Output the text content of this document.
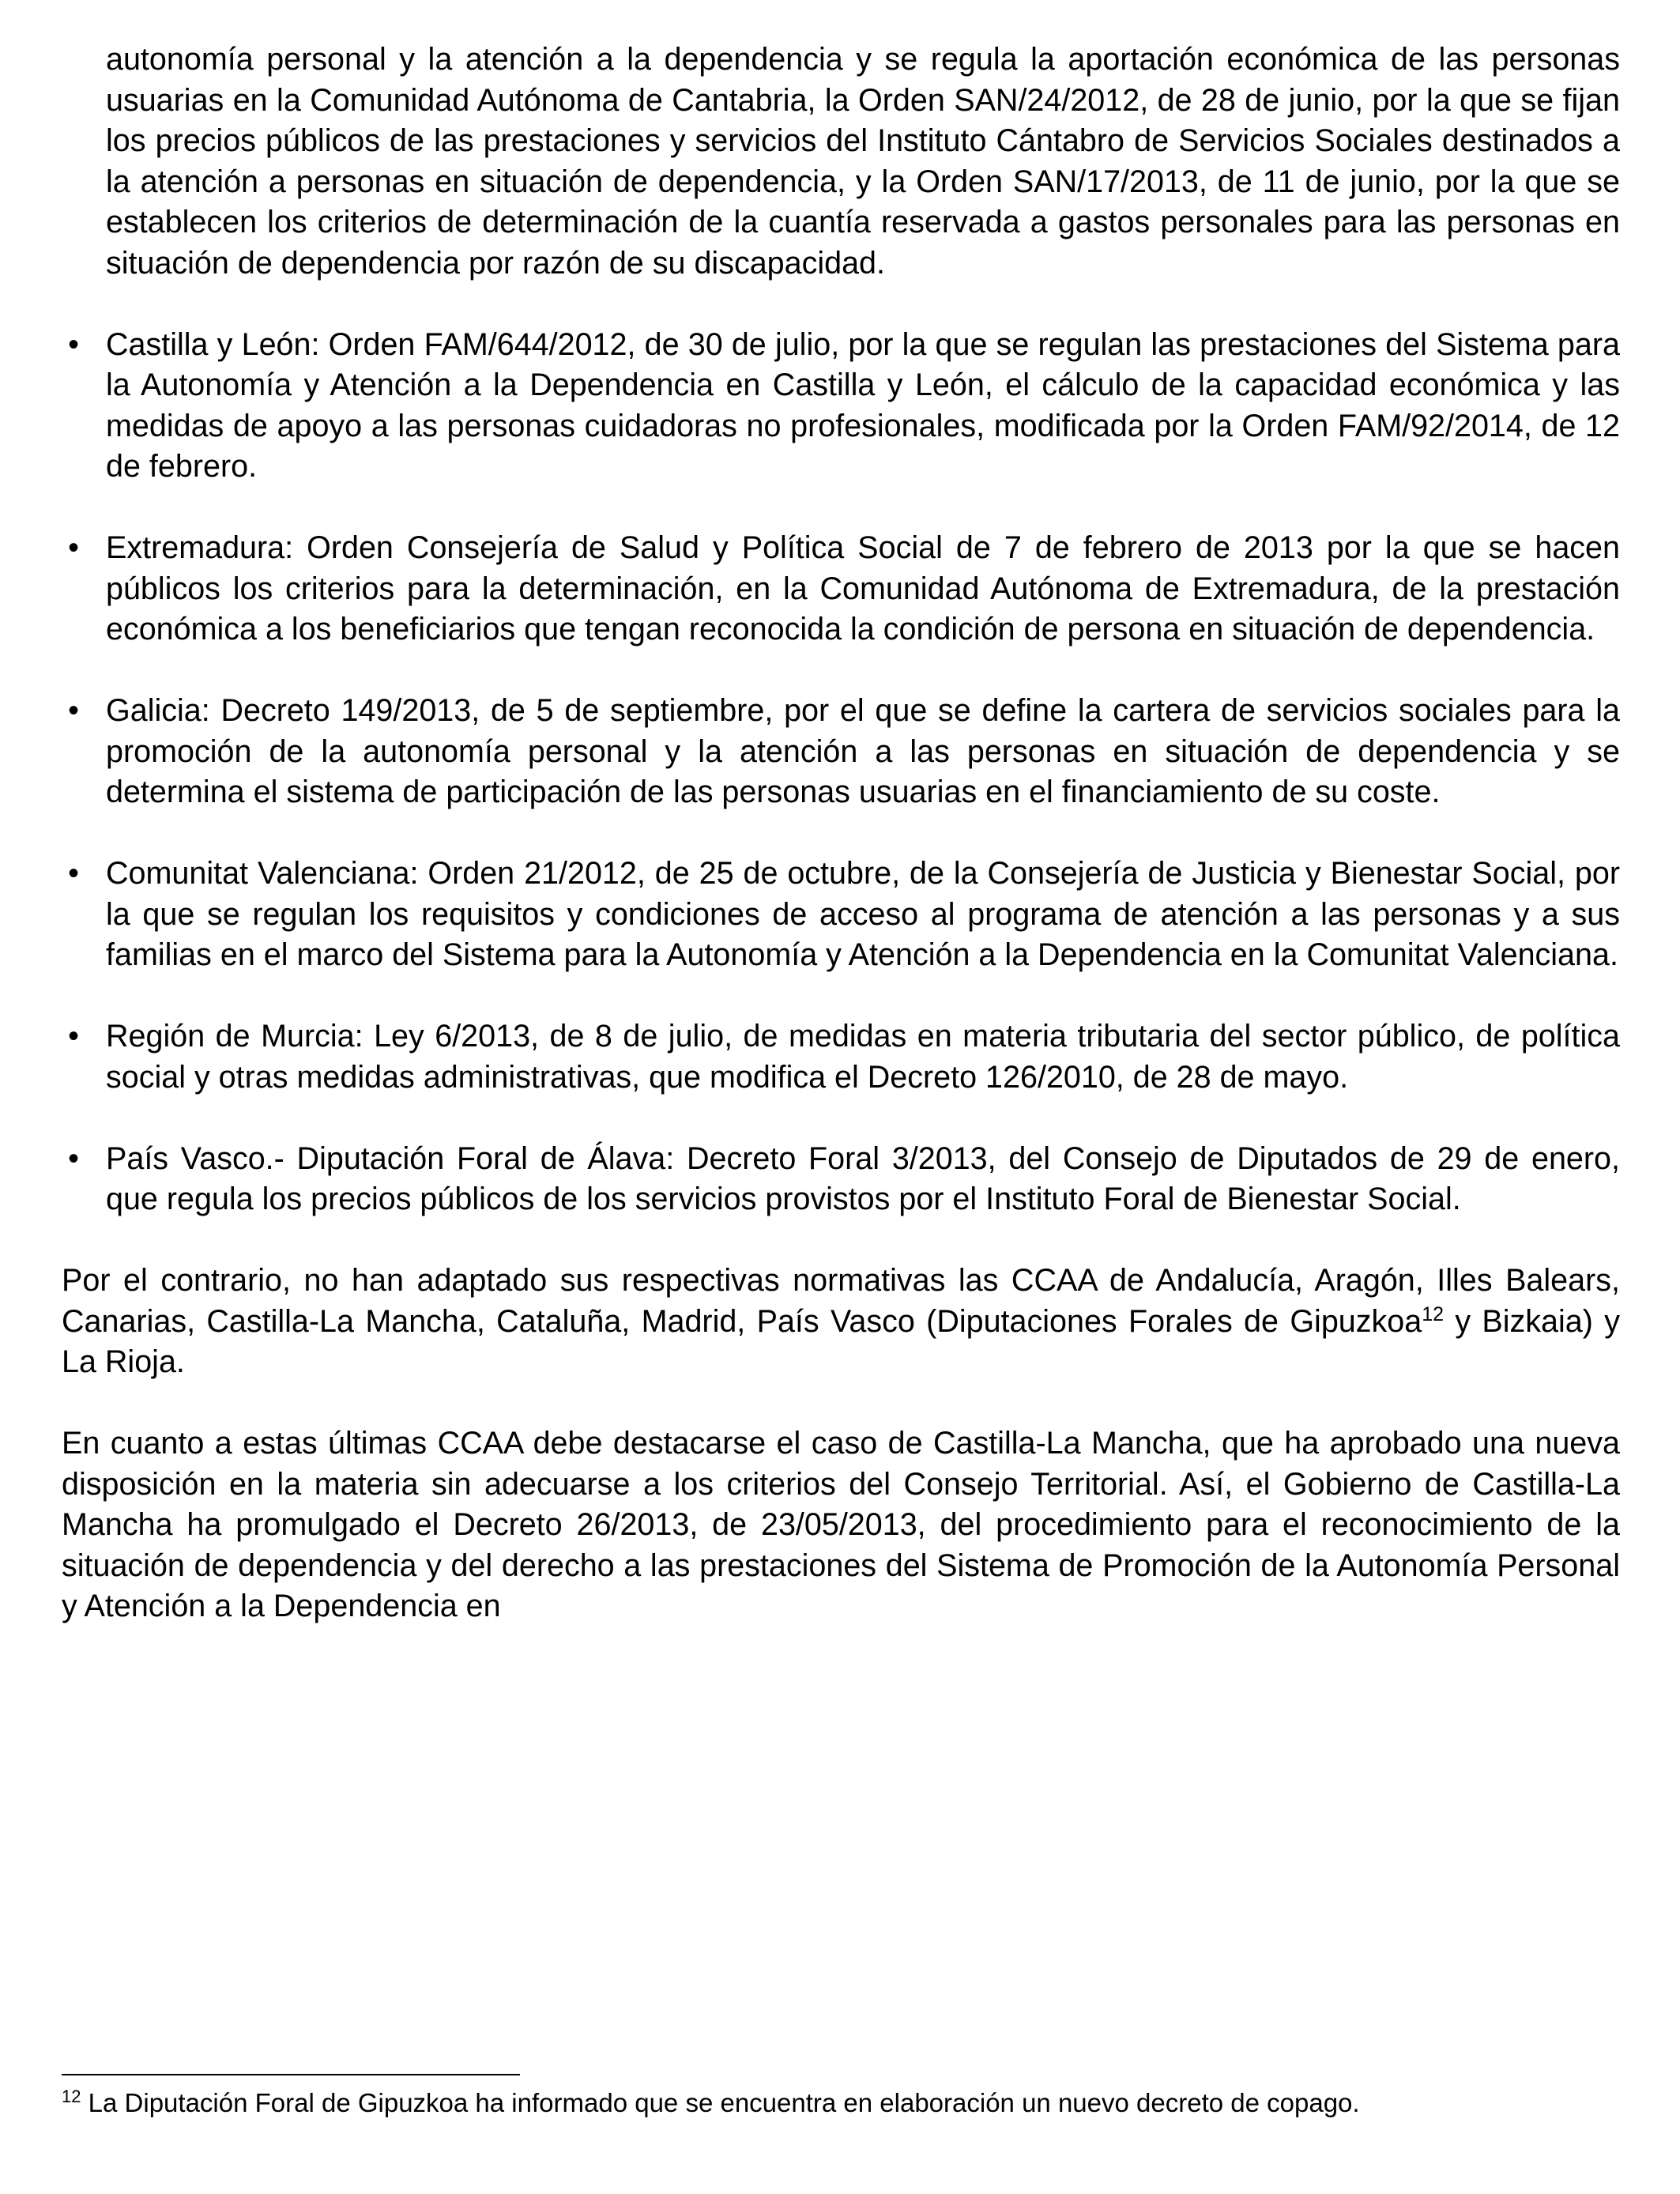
autonomía personal y la atención a la dependencia y se regula la aportación económica de las personas usuarias en la Comunidad Autónoma de Cantabria, la Orden SAN/24/2012, de 28 de junio, por la que se fijan los precios públicos de las prestaciones y servicios del Instituto Cántabro de Servicios Sociales destinados a la atención a personas en situación de dependencia, y la Orden SAN/17/2013, de 11 de junio, por la que se establecen los criterios de determinación de la cuantía reservada a gastos personales para las personas en situación de dependencia por razón de su discapacidad.

• Castilla y León: Orden FAM/644/2012, de 30 de julio, por la que se regulan las prestaciones del Sistema para la Autonomía y Atención a la Dependencia en Castilla y León, el cálculo de la capacidad económica y las medidas de apoyo a las personas cuidadoras no profesionales, modificada por la Orden FAM/92/2014, de 12 de febrero.

• Extremadura: Orden Consejería de Salud y Política Social de 7 de febrero de 2013 por la que se hacen públicos los criterios para la determinación, en la Comunidad Autónoma de Extremadura, de la prestación económica a los beneficiarios que tengan reconocida la condición de persona en situación de dependencia.

• Galicia: Decreto 149/2013, de 5 de septiembre, por el que se define la cartera de servicios sociales para la promoción de la autonomía personal y la atención a las personas en situación de dependencia y se determina el sistema de participación de las personas usuarias en el financiamiento de su coste.

• Comunitat Valenciana: Orden 21/2012, de 25 de octubre, de la Consejería de Justicia y Bienestar Social, por la que se regulan los requisitos y condiciones de acceso al programa de atención a las personas y a sus familias en el marco del Sistema para la Autonomía y Atención a la Dependencia en la Comunitat Valenciana.

• Región de Murcia: Ley 6/2013, de 8 de julio, de medidas en materia tributaria del sector público, de política social y otras medidas administrativas, que modifica el Decreto 126/2010, de 28 de mayo.

• País Vasco.- Diputación Foral de Álava: Decreto Foral 3/2013, del Consejo de Diputados de 29 de enero, que regula los precios públicos de los servicios provistos por el Instituto Foral de Bienestar Social.

Por el contrario, no han adaptado sus respectivas normativas las CCAA de Andalucía, Aragón, Illes Balears, Canarias, Castilla-La Mancha, Cataluña, Madrid, País Vasco (Diputaciones Forales de Gipuzkoa$^{12}$ y Bizkaia) y La Rioja.

En cuanto a estas últimas CCAA debe destacarse el caso de Castilla-La Mancha, que ha aprobado una nueva disposición en la materia sin adecuarse a los criterios del Consejo Territorial. Así, el Gobierno de Castilla-La Mancha ha promulgado el Decreto 26/2013, de 23/05/2013, del procedimiento para el reconocimiento de la situación de dependencia y del derecho a las prestaciones del Sistema de Promoción de la Autonomía Personal y Atención a la Dependencia en

$^{12}$ La Diputación Foral de Gipuzkoa ha informado que se encuentra en elaboración un nuevo decreto de copago.
